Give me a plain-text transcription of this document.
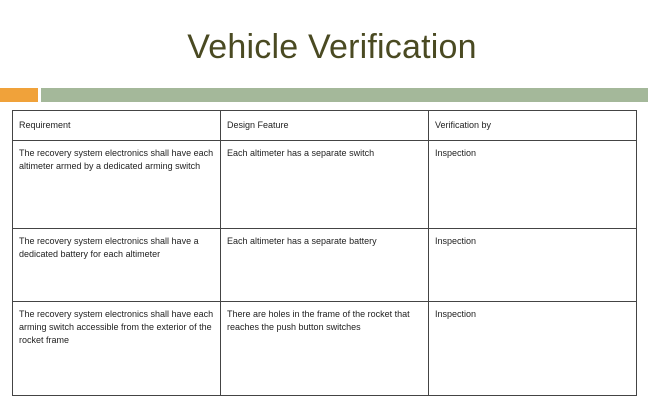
Vehicle Verification
Requirement	Design Feature	Verification by
The recovery system electronics shall have each altimeter armed by a dedicated arming switch	Each altimeter has a separate switch	Inspection
The recovery system electronics shall have a dedicated battery for each altimeter	Each altimeter has a separate battery	Inspection
The recovery system electronics shall have each arming switch accessible from the exterior of the rocket frame	There are holes in the frame of the rocket that reaches the push button switches	Inspection
